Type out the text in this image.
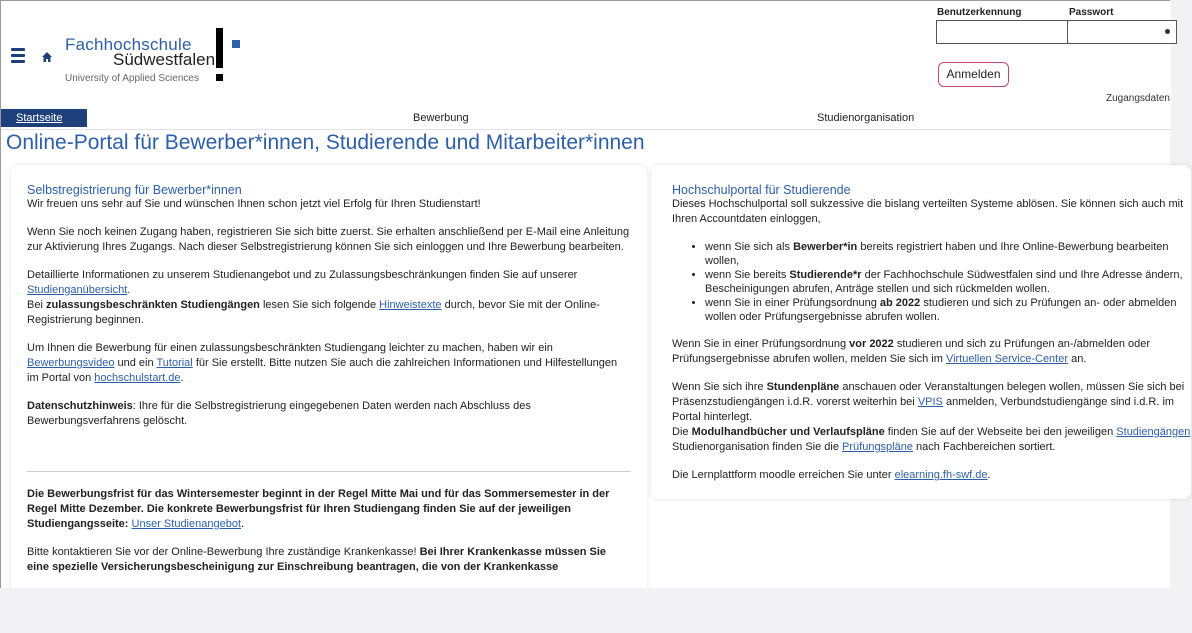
Fachhochschule
Südwestfalen
University of Applied Sciences
Benutzerkennung	Passwort
Anmelden
Zugangsdaten
Startseite	Bewerbung	Studienorganisation
Online-Portal für Bewerber*innen, Studierende und Mitarbeiter*innen

Selbstregistrierung für Bewerber*innen

Wir freuen uns sehr auf Sie und wünschen Ihnen schon jetzt viel Erfolg für Ihren Studienstart!

Wenn Sie noch keinen Zugang haben, registrieren Sie sich bitte zuerst. Sie erhalten anschließend per E-Mail eine Anleitung zur Aktivierung Ihres Zugangs. Nach dieser Selbstregistrierung können Sie sich einloggen und Ihre Bewerbung bearbeiten.

Detaillierte Informationen zu unserem Studienangebot und zu Zulassungsbeschränkungen finden Sie auf unserer Studienganübersicht.
Bei zulassungsbeschränkten Studiengängen lesen Sie sich folgende Hinweistexte durch, bevor Sie mit der Online-Registrierung beginnen.

Um Ihnen die Bewerbung für einen zulassungsbeschränkten Studiengang leichter zu machen, haben wir ein Bewerbungsvideo und ein Tutorial für Sie erstellt. Bitte nutzen Sie auch die zahlreichen Informationen und Hilfestellungen im Portal von hochschulstart.de.

Datenschutzhinweis: Ihre für die Selbstregistrierung eingegebenen Daten werden nach Abschluss des Bewerbungsverfahrens gelöscht.

Die Bewerbungsfrist für das Wintersemester beginnt in der Regel Mitte Mai und für das Sommersemester in der Regel Mitte Dezember. Die konkrete Bewerbungsfrist für Ihren Studiengang finden Sie auf der jeweiligen Studiengangsseite: Unser Studienangebot.

Bitte kontaktieren Sie vor der Online-Bewerbung Ihre zuständige Krankenkasse! Bei Ihrer Krankenkasse müssen Sie eine spezielle Versicherungsbescheinigung zur Einschreibung beantragen, die von der Krankenkasse

Hochschulportal für Studierende

Dieses Hochschulportal soll sukzessive die bislang verteilten Systeme ablösen. Sie können sich auch mit Ihren Accountdaten einloggen,

• wenn Sie sich als Bewerber*in bereits registriert haben und Ihre Online-Bewerbung bearbeiten wollen,
• wenn Sie bereits Studierende*r der Fachhochschule Südwestfalen sind und Ihre Adresse ändern, Bescheinigungen abrufen, Anträge stellen und sich rückmelden wollen.
• wenn Sie in einer Prüfungsordnung ab 2022 studieren und sich zu Prüfungen an- oder abmelden wollen oder Prüfungsergebnisse abrufen wollen.

Wenn Sie in einer Prüfungsordnung vor 2022 studieren und sich zu Prüfungen an-/abmelden oder Prüfungsergebnisse abrufen wollen, melden Sie sich im Virtuellen Service-Center an.

Wenn Sie sich ihre Stundenpläne anschauen oder Veranstaltungen belegen wollen, müssen Sie sich bei Präsenzstudiengängen i.d.R. vorerst weiterhin bei VPIS anmelden, Verbundstudiengänge sind i.d.R. im Portal hinterlegt.
Die Modulhandbücher und Verlaufspläne finden Sie auf der Webseite bei den jeweiligen Studiengängen Studienorganisation finden Sie die Prüfungspläne nach Fachbereichen sortiert.

Die Lernplattform moodle erreichen Sie unter elearning.fh-swf.de.
